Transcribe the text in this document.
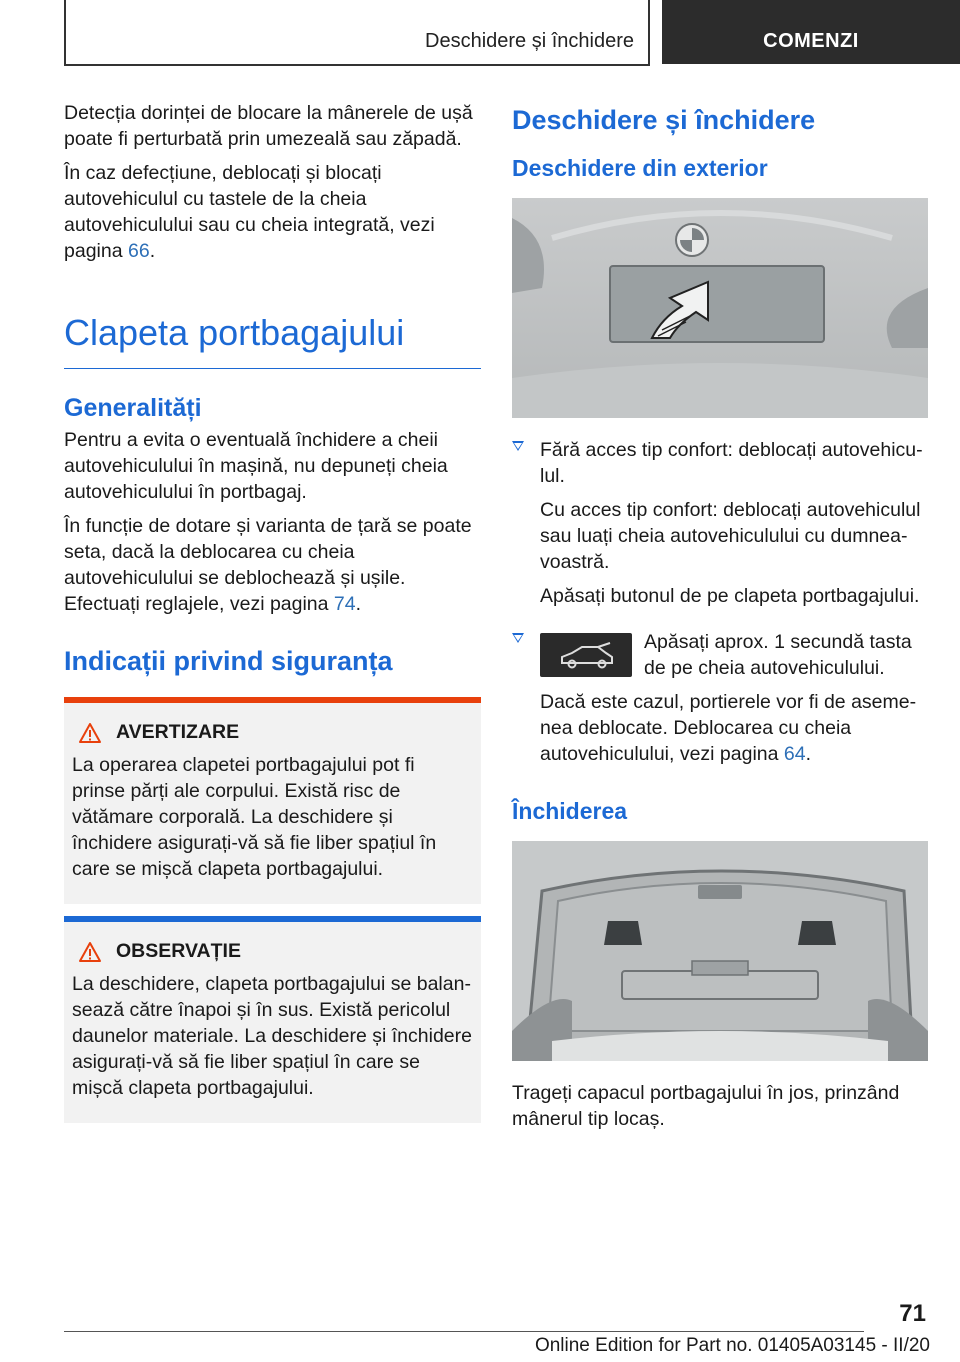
Deschidere și închidere	COMENZI

Detecția dorinței de blocare la mânerele de ușă poate fi perturbată prin umezeală sau zăpadă.

În caz defecțiune, deblocați și blocați autovehiculul cu tastele de la cheia autovehiculului sau cu cheia integrată, vezi pagina 66.

Clapeta portbagajului
Generalități

Pentru a evita o eventuală închidere a cheii autovehiculului în mașină, nu depuneți cheia autovehiculului în portbagaj.

În funcție de dotare și varianta de țară se poate seta, dacă la deblocarea cu cheia autovehiculului se deblochează și ușile. Efectuați reglajele, vezi pagina 74.

Indicații privind siguranța
AVERTIZARE

La operarea clapetei portbagajului pot fi prinse părți ale corpului. Există risc de vătămare corporală. La deschidere și închidere asigurați-vă să fie liber spațiul în care se mișcă clapeta portbagajului.

OBSERVAȚIE

La deschidere, clapeta portbagajului se balansează către înapoi și în sus. Există pericolul daunelor materiale. La deschidere și închidere asigurați-vă să fie liber spațiul în care se mișcă clapeta portbagajului.

Deschidere și închidere
Deschidere din exterior

Fără acces tip confort: deblocați autovehiculul.

Cu acces tip confort: deblocați autovehiculul sau luați cheia autovehiculului cu dumneavoastră.

Apăsați butonul de pe clapeta portbagajului.

Apăsați aprox. 1 secundă tasta de pe cheia autovehiculului.

Dacă este cazul, portierele vor fi de asemenea deblocate. Deblocarea cu cheia autovehiculului, vezi pagina 64.

Închiderea

Trageți capacul portbagajului în jos, prinzând mânerul tip locaș.

71
Online Edition for Part no. 01405A03145 - II/20
